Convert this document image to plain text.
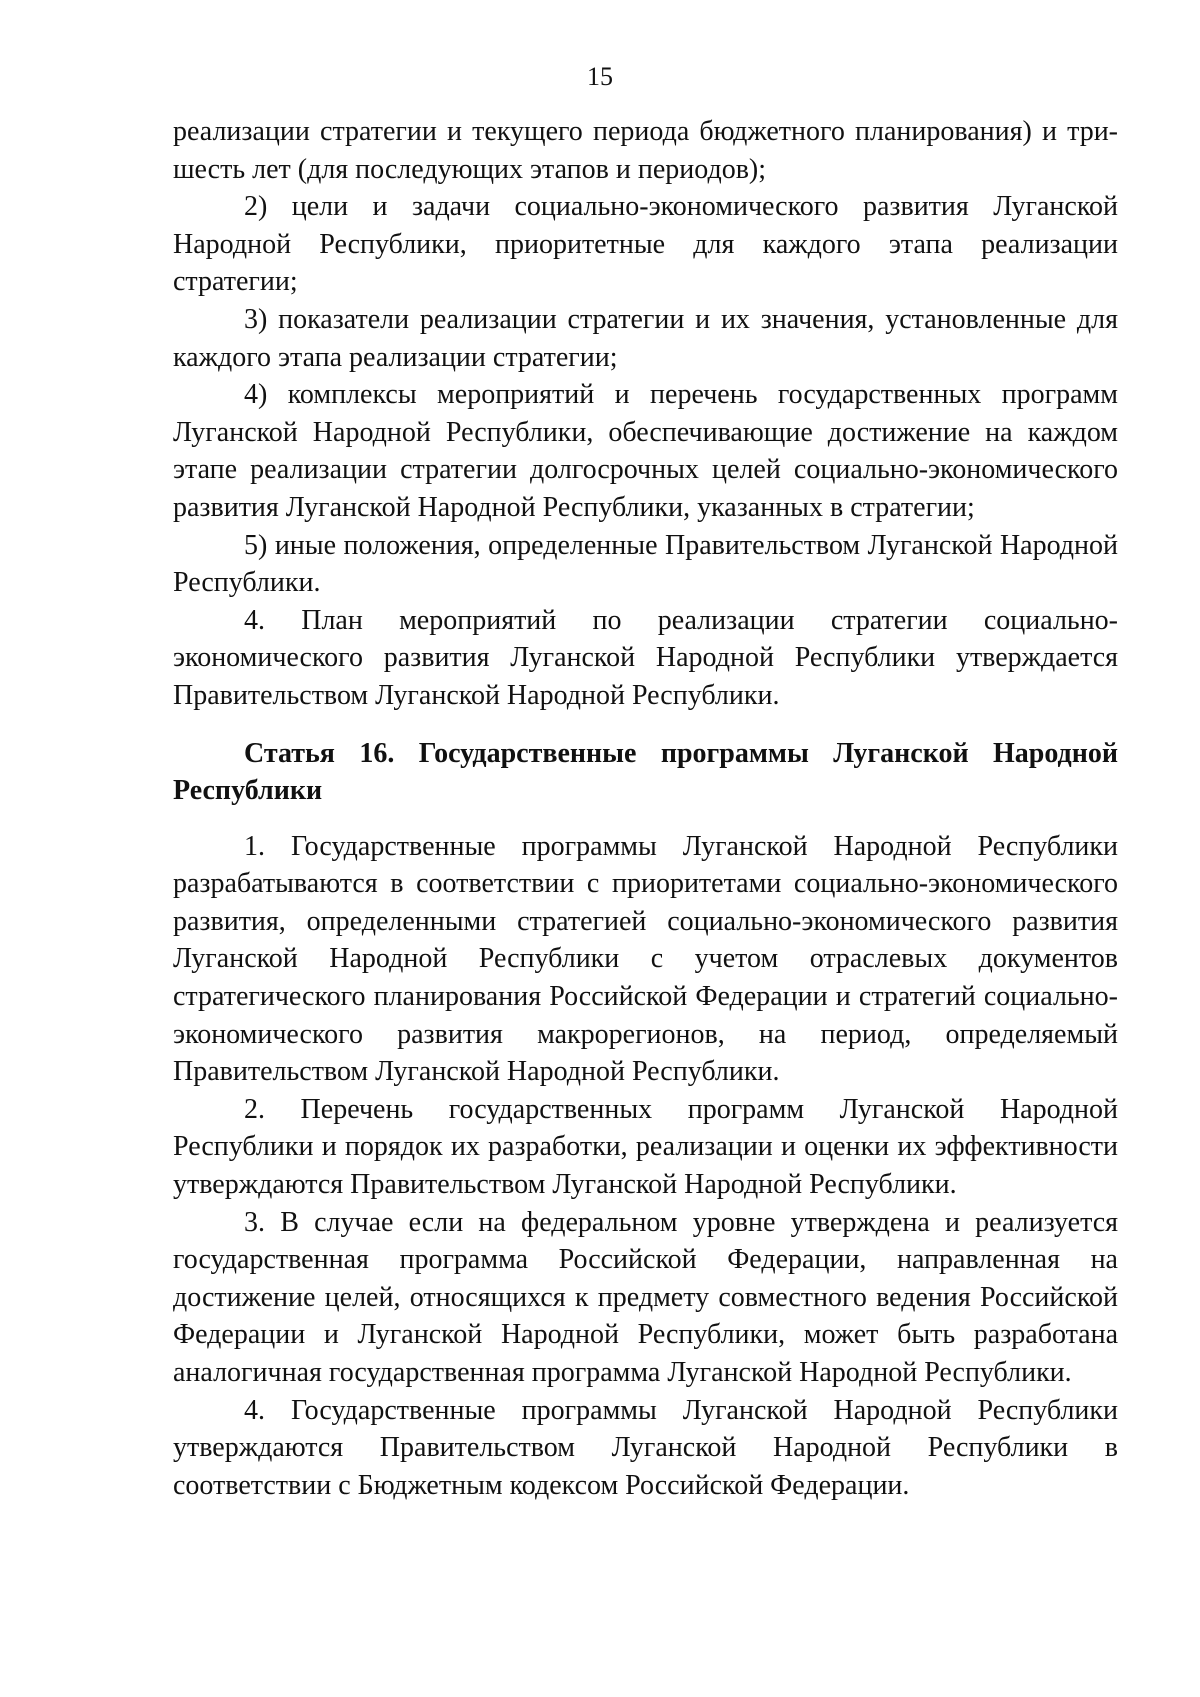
15

реализации стратегии и текущего периода бюджетного планирования) и три-шесть лет (для последующих этапов и периодов);

2) цели и задачи социально-экономического развития Луганской Народной Республики, приоритетные для каждого этапа реализации стратегии;

3) показатели реализации стратегии и их значения, установленные для каждого этапа реализации стратегии;

4) комплексы мероприятий и перечень государственных программ Луганской Народной Республики, обеспечивающие достижение на каждом этапе реализации стратегии долгосрочных целей социально-экономического развития Луганской Народной Республики, указанных в стратегии;

5) иные положения, определенные Правительством Луганской Народной Республики.

4. План мероприятий по реализации стратегии социально-экономического развития Луганской Народной Республики утверждается Правительством Луганской Народной Республики.

Статья 16. Государственные программы Луганской Народной Республики

1. Государственные программы Луганской Народной Республики разрабатываются в соответствии с приоритетами социально-экономического развития, определенными стратегией социально-экономического развития Луганской Народной Республики с учетом отраслевых документов стратегического планирования Российской Федерации и стратегий социально-экономического развития макрорегионов, на период, определяемый Правительством Луганской Народной Республики.

2. Перечень государственных программ Луганской Народной Республики и порядок их разработки, реализации и оценки их эффективности утверждаются Правительством Луганской Народной Республики.

3. В случае если на федеральном уровне утверждена и реализуется государственная программа Российской Федерации, направленная на достижение целей, относящихся к предмету совместного ведения Российской Федерации и Луганской Народной Республики, может быть разработана аналогичная государственная программа Луганской Народной Республики.

4. Государственные программы Луганской Народной Республики утверждаются Правительством Луганской Народной Республики в соответствии с Бюджетным кодексом Российской Федерации.
